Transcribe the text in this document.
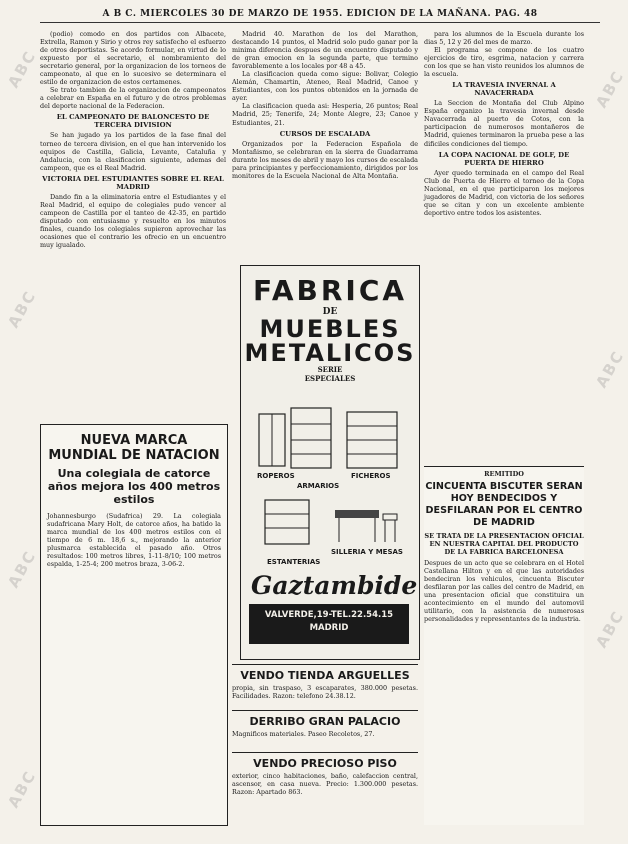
A B C. MIERCOLES 30 DE MARZO DE 1955. EDICION DE LA MAÑANA. PAG. 48

(podio) comodo en dos partidos con Albacete, Extrella, Ramon y Sirio y otros rey satisfecho el esfuerzo de otros deportistas. Se acordo formular, en virtud de lo expuesto por el secretario, el nombramiento del secretario general, por la organizacion de los torneos de campeonato, al que en lo sucesivo se determinara el estilo de organizacion de estos certamenes.

Se trato tambien de la organizacion de campeonatos a celebrar en España en el futuro y de otros problemas del deporte nacional de la Federacion.

EL CAMPEONATO DE BALONCESTO DE TERCERA DIVISION

Se han jugado ya los partidos de la fase final del torneo de tercera division, en el que han intervenido los equipos de Castilla, Galicia, Levante, Cataluña y Andalucia, con la clasificacion siguiente, ademas del campeon, que es el Real Madrid.

VICTORIA DEL ESTUDIANTES SOBRE EL REAL MADRID

Dando fin a la eliminatoria entre el Estudiantes y el Real Madrid, el equipo de colegiales pudo vencer al campeon de Castilla por el tanteo de 42-35, en partido disputado con entusiasmo y resuelto en los minutos finales, cuando los colegiales supieron aprovechar las ocasiones que el contrario les ofrecio en un encuentro muy igualado.

Madrid 40. Marathon de los del Marathon, destacando 14 puntos, el Madrid solo pudo ganar por la minima diferencia despues de un encuentro disputado y de gran emocion en la segunda parte, que termino favorablemente a los locales por 48 a 45.

La clasificacion queda como sigue: Bolivar, Colegio Alemán, Chamartin, Ateneo, Real Madrid, Canoe y Estudiantes, con los puntos obtenidos en la jornada de ayer.

La clasificacion queda asi: Hesperia, 26 puntos; Real Madrid, 25; Tenerife, 24; Monte Alegre, 23; Canoe y Estudiantes, 21.

CURSOS DE ESCALADA

Organizados por la Federacion Española de Montañismo, se celebraran en la sierra de Guadarrama durante los meses de abril y mayo los cursos de escalada para principiantes y perfeccionamiento, dirigidos por los monitores de la Escuela Nacional de Alta Montaña.

para los alumnos de la Escuela durante los dias 5, 12 y 26 del mes de marzo.

El programa se compone de los cuatro ejercicios de tiro, esgrima, natacion y carrera con los que se han visto reunidos los alumnos de la escuela.

LA TRAVESIA INVERNAL A NAVACERRADA

La Seccion de Montaña del Club Alpino España organizo la travesia invernal desde Navacerrada al puerto de Cotos, con la participacion de numerosos montañeros de Madrid, quienes terminaron la prueba pese a las dificiles condiciones del tiempo.

LA COPA NACIONAL DE GOLF, DE PUERTA DE HIERRO

Ayer quedo terminada en el campo del Real Club de Puerta de Hierro el torneo de la Copa Nacional, en el que participaron los mejores jugadores de Madrid, con victoria de los señores que se citan y con un excelente ambiente deportivo entre todos los asistentes.

NUEVA MARCA MUNDIAL DE NATACION
Una colegiala de catorce años mejora los 400 metros estilos
Johannesburgo (Sudafrica) 29. La colegiala sudafricana Mary Holt, de catorce años, ha batido la marca mundial de los 400 metros estilos con el tiempo de 6 m. 18,6 s., mejorando la anterior plusmarca establecida el pasado año. Otros resultados: 100 metros libres, 1-11-8/10; 100 metros espalda, 1-25-4; 200 metros braza, 3-06-2.
FABRICA
DE
MUEBLES METALICOS
SERIE
ESPECIALES
ROPEROS	FICHEROS
ARMARIOS
SILLERIA Y MESAS
ESTANTERIAS
Gaztambide
VALVERDE,19-TEL.22.54.15
MADRID
VENDO TIENDA ARGUELLES
propia, sin traspaso, 3 escaparates, 380.000 pesetas. Facilidades. Razon: telefono 24.38.12.
DERRIBO GRAN PALACIO
Magnificos materiales. Paseo Recoletos, 27.
VENDO PRECIOSO PISO
exterior, cinco habitaciones, baño, calefaccion central, ascensor, en casa nueva. Precio: 1.300.000 pesetas. Razon: Apartado 863.
REMITIDO
CINCUENTA BISCUTER SERAN HOY BENDECIDOS Y DESFILARAN POR EL CENTRO DE MADRID
SE TRATA DE LA PRESENTACION OFICIAL EN NUESTRA CAPITAL DEL PRODUCTO DE LA FABRICA BARCELONESA
Despues de un acto que se celebrara en el Hotel Castellana Hilton y en el que las autoridades bendeciran los vehiculos, cincuenta Biscuter desfilaran por las calles del centro de Madrid, en una presentacion oficial que constituira un acontecimiento en el mundo del automovil utilitario, con la asistencia de numerosas personalidades y representantes de la industria.
ABC
ABC
ABC
ABC
ABC
ABC
ABC
